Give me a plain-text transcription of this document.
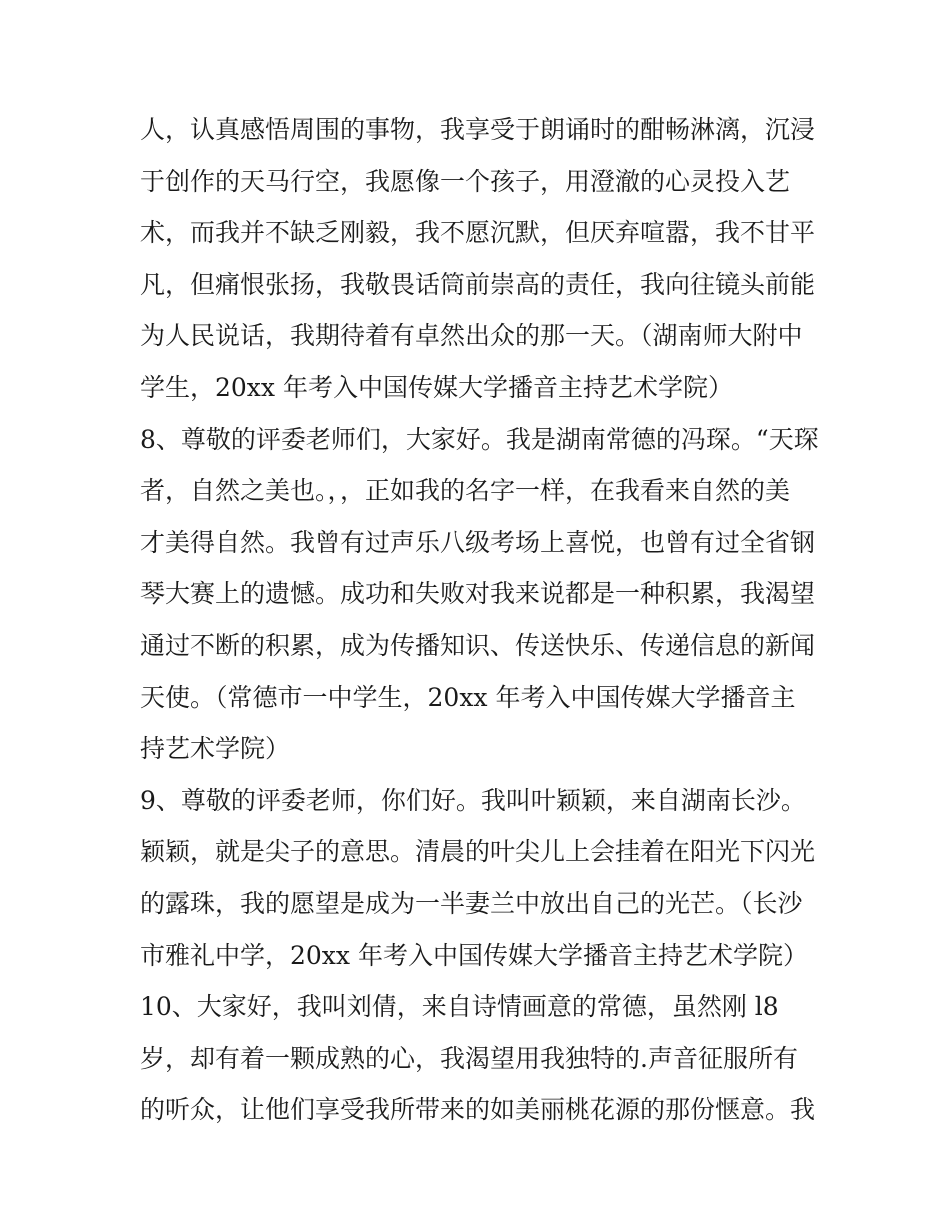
人，认真感悟周围的事物，我享受于朗诵时的酣畅淋漓，沉浸
于创作的天马行空，我愿像一个孩子，用澄澈的心灵投入艺
术，而我并不缺乏刚毅，我不愿沉默，但厌弃喧嚣，我不甘平
凡，但痛恨张扬，我敬畏话筒前崇高的责任，我向往镜头前能
为人民说话，我期待着有卓然出众的那一天。（湖南师大附中
学生，20xx 年考入中国传媒大学播音主持艺术学院）
8、尊敬的评委老师们，大家好。我是湖南常德的冯琛。“天琛
者，自然之美也。，，正如我的名字一样，在我看来自然的美
才美得自然。我曾有过声乐八级考场上喜悦，也曾有过全省钢
琴大赛上的遗憾。成功和失败对我来说都是一种积累，我渴望
通过不断的积累，成为传播知识、传送快乐、传递信息的新闻
天使。（常德市一中学生，20xx 年考入中国传媒大学播音主
持艺术学院）
9、尊敬的评委老师，你们好。我叫叶颖颖，来自湖南长沙。
颖颖，就是尖子的意思。清晨的叶尖儿上会挂着在阳光下闪光
的露珠，我的愿望是成为一半妻兰中放出自己的光芒。（长沙
市雅礼中学，20xx 年考入中国传媒大学播音主持艺术学院）
10、大家好，我叫刘倩，来自诗情画意的常德，虽然刚 l8
岁，却有着一颗成熟的心，我渴望用我独特的.声音征服所有
的听众，让他们享受我所带来的如美丽桃花源的那份惬意。我
